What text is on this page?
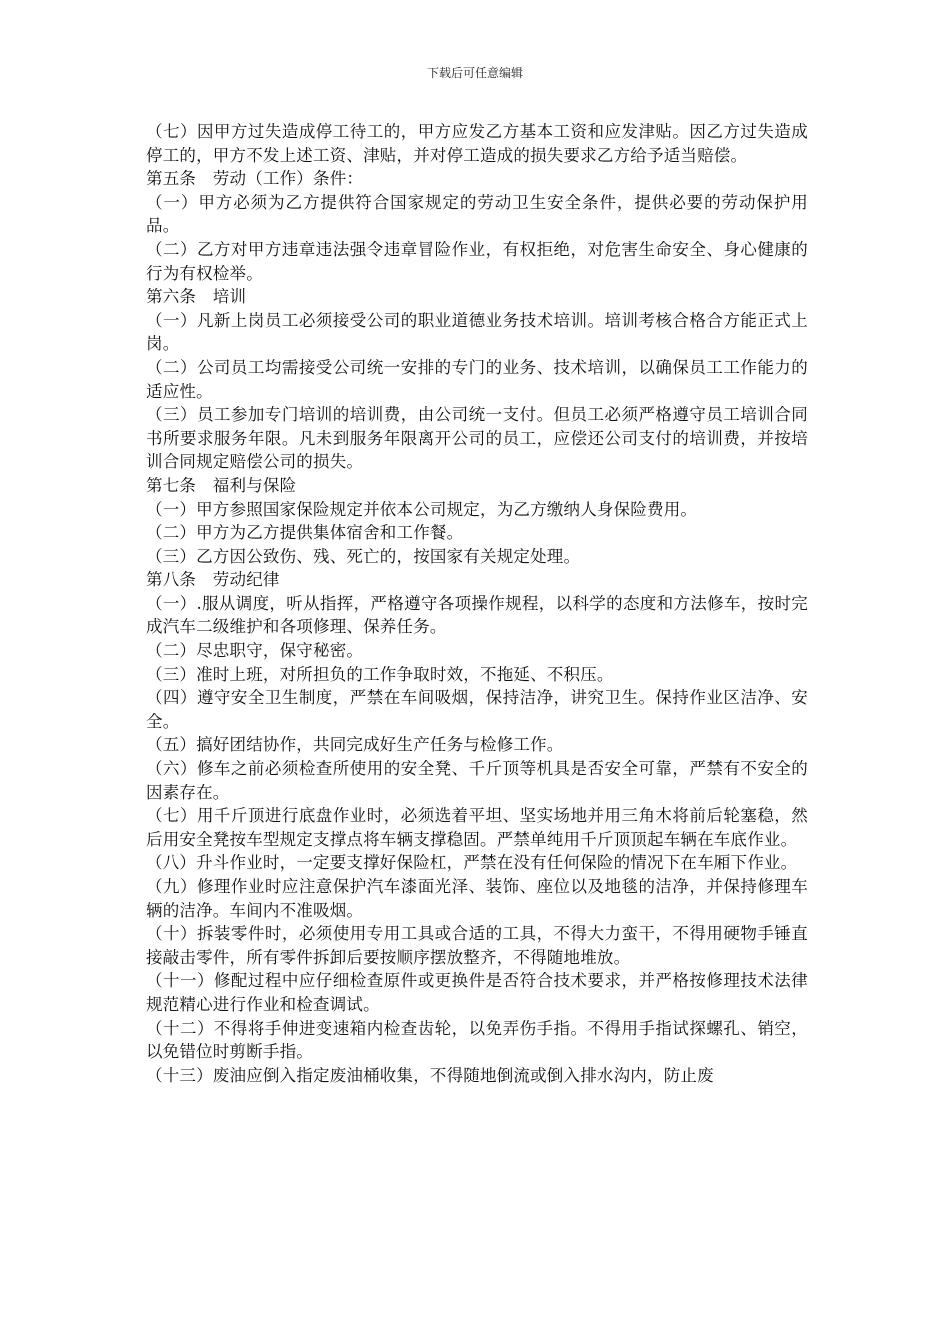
下载后可任意编辑

（七）因甲方过失造成停工待工的，甲方应发乙方基本工资和应发津贴。因乙方过失造成停工的，甲方不发上述工资、津贴，并对停工造成的损失要求乙方给予适当赔偿。

第五条　劳动（工作）条件：

（一）甲方必须为乙方提供符合国家规定的劳动卫生安全条件，提供必要的劳动保护用品。

（二）乙方对甲方违章违法强令违章冒险作业，有权拒绝，对危害生命安全、身心健康的行为有权检举。

第六条　培训

（一）凡新上岗员工必须接受公司的职业道德业务技术培训。培训考核合格合方能正式上岗。

（二）公司员工均需接受公司统一安排的专门的业务、技术培训，以确保员工工作能力的适应性。

（三）员工参加专门培训的培训费，由公司统一支付。但员工必须严格遵守员工培训合同书所要求服务年限。凡未到服务年限离开公司的员工，应偿还公司支付的培训费，并按培训合同规定赔偿公司的损失。

第七条　福利与保险

（一）甲方参照国家保险规定并依本公司规定，为乙方缴纳人身保险费用。

（二）甲方为乙方提供集体宿舍和工作餐。

（三）乙方因公致伤、残、死亡的，按国家有关规定处理。

第八条　劳动纪律

（一）.服从调度，听从指挥，严格遵守各项操作规程，以科学的态度和方法修车，按时完成汽车二级维护和各项修理、保养任务。

（二）尽忠职守，保守秘密。

（三）准时上班，对所担负的工作争取时效，不拖延、不积压。

（四）遵守安全卫生制度，严禁在车间吸烟，保持洁净，讲究卫生。保持作业区洁净、安全。

（五）搞好团结协作，共同完成好生产任务与检修工作。

（六）修车之前必须检查所使用的安全凳、千斤顶等机具是否安全可靠，严禁有不安全的因素存在。

（七）用千斤顶进行底盘作业时，必须选着平坦、坚实场地并用三角木将前后轮塞稳，然后用安全凳按车型规定支撑点将车辆支撑稳固。严禁单纯用千斤顶顶起车辆在车底作业。

（八）升斗作业时，一定要支撑好保险杠，严禁在没有任何保险的情况下在车厢下作业。

（九）修理作业时应注意保护汽车漆面光泽、装饰、座位以及地毯的洁净，并保持修理车辆的洁净。车间内不准吸烟。

（十）拆装零件时，必须使用专用工具或合适的工具，不得大力蛮干，不得用硬物手锤直接敲击零件，所有零件拆卸后要按顺序摆放整齐，不得随地堆放。

（十一）修配过程中应仔细检查原件或更换件是否符合技术要求，并严格按修理技术法律规范精心进行作业和检查调试。

（十二）不得将手伸进变速箱内检查齿轮，以免弄伤手指。不得用手指试探螺孔、销空，以免错位时剪断手指。

（十三）废油应倒入指定废油桶收集，不得随地倒流或倒入排水沟内，防止废
